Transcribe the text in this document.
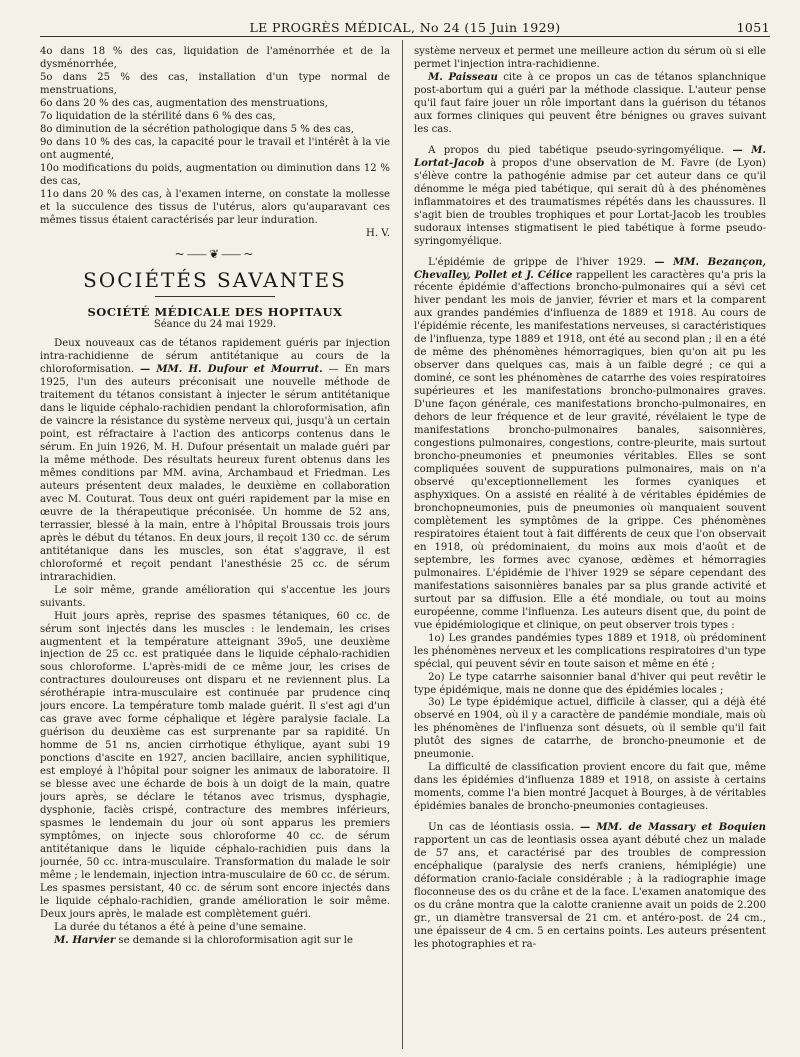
LE PROGRÈS MÉDICAL, No 24 (15 Juin 1929)	1051

4o dans 18 % des cas, liquidation de l'aménorrhée et de la dysménorrhée,

5o dans 25 % des cas, installation d'un type normal de menstruations,

6o dans 20 % des cas, augmentation des menstruations,

7o liquidation de la stérilité dans 6 % des cas,

8o diminution de la sécrétion pathologique dans 5 % des cas,

9o dans 10 % des cas, la capacité pour le travail et l'intérêt à la vie ont augmenté,

10o modifications du poids, augmentation ou diminution dans 12 % des cas,

11o dans 20 % des cas, à l'examen interne, on constate la mollesse et la succulence des tissus de l'utérus, alors qu'auparavant ces mêmes tissus étaient caractérisés par leur induration.

H. V.

~⸺❦⸺~
SOCIÉTÉS SAVANTES
SOCIÉTÉ MÉDICALE DES HOPITAUX
Séance du 24 mai 1929.

Deux nouveaux cas de tétanos rapidement guéris par injection intra-rachidienne de sérum antitétanique au cours de la chloroformisation. — MM. H. Dufour et Mourrut. — En mars 1925, l'un des auteurs préconisait une nouvelle méthode de traitement du tétanos consistant à injecter le sérum antitétanique dans le liquide céphalo-rachidien pendant la chloroformisation, afin de vaincre la résistance du système nerveux qui, jusqu'à un certain point, est réfractaire à l'action des anticorps contenus dans le sérum. En juin 1926, M. H. Dufour présentait un malade guéri par la même méthode. Des résultats heureux furent obtenus dans les mêmes conditions par MM. avina, Archambaud et Friedman. Les auteurs présentent deux malades, le deuxième en collaboration avec M. Couturat. Tous deux ont guéri rapidement par la mise en œuvre de la thérapeutique préconisée. Un homme de 52 ans, terrassier, blessé à la main, entre à l'hôpital Broussais trois jours après le début du tétanos. En deux jours, il reçoit 130 cc. de sérum antitétanique dans les muscles, son état s'aggrave, il est chloroformé et reçoit pendant l'anesthésie 25 cc. de sérum intrarachidien.

Le soir même, grande amélioration qui s'accentue les jours suivants.

Huit jours après, reprise des spasmes tétaniques, 60 cc. de sérum sont injectés dans les muscles : le lendemain, les crises augmentent et la température atteignant 39o5, une deuxième injection de 25 cc. est pratiquée dans le liquide céphalo-rachidien sous chloroforme. L'après-midi de ce même jour, les crises de contractures douloureuses ont disparu et ne reviennent plus. La sérothérapie intra-musculaire est continuée par prudence cinq jours encore. La température tomb malade guérit. Il s'est agi d'un cas grave avec forme céphalique et légère paralysie faciale. La guérison du deuxième cas est surprenante par sa rapidité. Un homme de 51 ns, ancien cirrhotique éthylique, ayant subi 19 ponctions d'ascite en 1927, ancien bacillaire, ancien syphilitique, est employé à l'hôpital pour soigner les animaux de laboratoire. Il se blesse avec une écharde de bois à un doigt de la main, quatre jours après, se déclare le tétanos avec trismus, dysphagie, dysphonie, faciès crispé, contracture des membres inférieurs, spasmes le lendemain du jour où sont apparus les premiers symptômes, on injecte sous chloroforme 40 cc. de sérum antitétanique dans le liquide céphalo-rachidien puis dans la journée, 50 cc. intra-musculaire. Transformation du malade le soir même ; le lendemain, injection intra-musculaire de 60 cc. de sérum. Les spasmes persistant, 40 cc. de sérum sont encore injectés dans le liquide céphalo-rachidien, grande amélioration le soir même. Deux jours après, le malade est complètement guéri.

La durée du tétanos a été à peine d'une semaine.

M. Harvier se demande si la chloroformisation agit sur le

système nerveux et permet une meilleure action du sérum où si elle permet l'injection intra-rachidienne.

M. Paisseau cite à ce propos un cas de tétanos splanchnique post-abortum qui a guéri par la méthode classique. L'auteur pense qu'il faut faire jouer un rôle important dans la guérison du tétanos aux formes cliniques qui peuvent être bénignes ou graves suivant les cas.

A propos du pied tabétique pseudo-syringomyélique. — M. Lortat-Jacob à propos d'une observation de M. Favre (de Lyon) s'élève contre la pathogénie admise par cet auteur dans ce qu'il dénomme le méga pied tabétique, qui serait dû à des phénomènes inflammatoires et des traumatismes répétés dans les chaussures. Il s'agit bien de troubles trophiques et pour Lortat-Jacob les troubles sudoraux intenses stigmatisent le pied tabétique à forme pseudo-syringomyélique.

L'épidémie de grippe de l'hiver 1929. — MM. Bezançon, Chevalley, Pollet et J. Célice rappellent les caractères qu'a pris la récente épidémie d'affections broncho-pulmonaires qui a sévi cet hiver pendant les mois de janvier, février et mars et la comparent aux grandes pandémies d'influenza de 1889 et 1918. Au cours de l'épidémie récente, les manifestations nerveuses, si caractéristiques de l'influenza, type 1889 et 1918, ont été au second plan ; il en a été de même des phénomènes hémorragiques, bien qu'on ait pu les observer dans quelques cas, mais à un faible degré ; ce qui a dominé, ce sont les phénomènes de catarrhe des voies respiratoires supérieures et les manifestations broncho-pulmonaires graves. D'une façon générale, ces manifestations broncho-pulmonaires, en dehors de leur fréquence et de leur gravité, révélaient le type de manifestations broncho-pulmonaires banales, saisonnières, congestions pulmonaires, congestions, contre-pleurite, mais surtout broncho-pneumonies et pneumonies véritables. Elles se sont compliquées souvent de suppurations pulmonaires, mais on n'a observé qu'exceptionnellement les formes cyaniques et asphyxiques. On a assisté en réalité à de véritables épidémies de bronchopneumonies, puis de pneumonies où manquaient souvent complètement les symptômes de la grippe. Ces phénomènes respiratoires étaient tout à fait différents de ceux que l'on observait en 1918, où prédominaient, du moins aux mois d'août et de septembre, les formes avec cyanose, œdèmes et hémorragies pulmonaires. L'épidémie de l'hiver 1929 se sépare cependant des manifestations saisonnières banales par sa plus grande activité et surtout par sa diffusion. Elle a été mondiale, ou tout au moins européenne, comme l'influenza. Les auteurs disent que, du point de vue épidémiologique et clinique, on peut observer trois types :

1o) Les grandes pandémies types 1889 et 1918, où prédominent les phénomènes nerveux et les complications respiratoires d'un type spécial, qui peuvent sévir en toute saison et même en été ;

2o) Le type catarrhe saisonnier banal d'hiver qui peut revêtir le type épidémique, mais ne donne que des épidémies locales ;

3o) Le type épidémique actuel, difficile à classer, qui a déjà été observé en 1904, où il y a caractère de pandémie mondiale, mais où les phénomènes de l'influenza sont désuets, où il semble qu'il fait plutôt des signes de catarrhe, de broncho-pneumonie et de pneumonie.

La difficulté de classification provient encore du fait que, même dans les épidémies d'influenza 1889 et 1918, on assiste à certains moments, comme l'a bien montré Jacquet à Bourges, à de véritables épidémies banales de broncho-pneumonies contagieuses.

Un cas de léontiasis ossia. — MM. de Massary et Boquien rapportent un cas de leontiasis ossea ayant débuté chez un malade de 57 ans, et caractérisé par des troubles de compression encéphalique (paralysie des nerfs craniens, hémiplégie) une déformation cranio-faciale considérable ; à la radiographie image floconneuse des os du crâne et de la face. L'examen anatomique des os du crâne montra que la calotte cranienne avait un poids de 2.200 gr., un diamètre transversal de 21 cm. et antéro-post. de 24 cm., une épaisseur de 4 cm. 5 en certains points. Les auteurs présentent les photographies et ra-
